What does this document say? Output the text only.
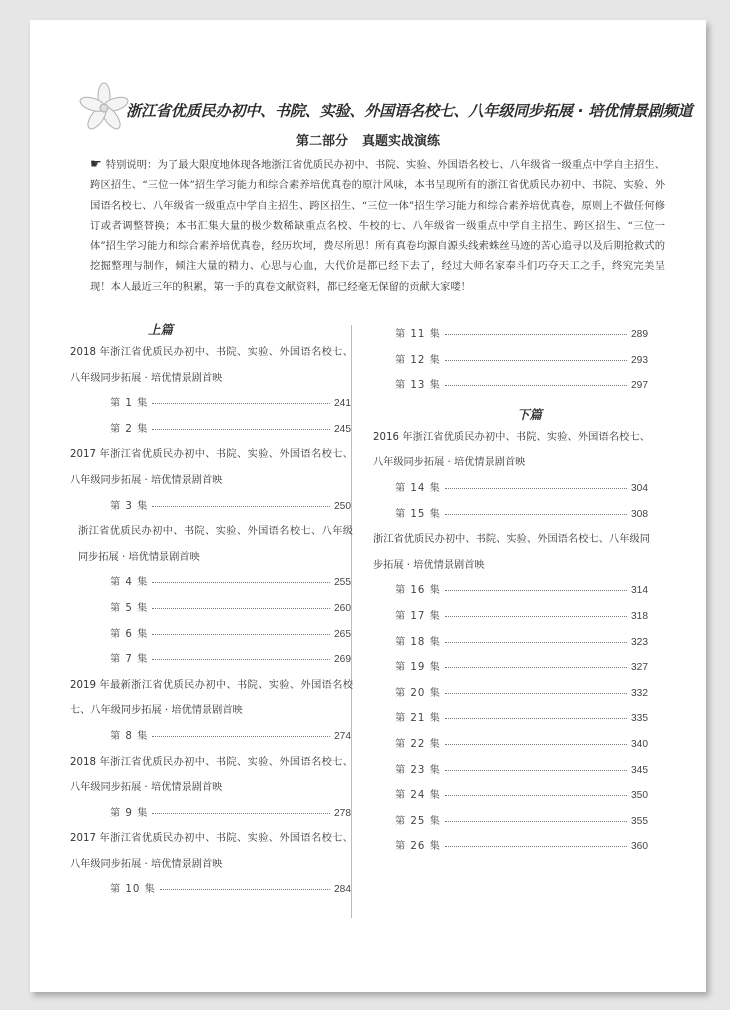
浙江省优质民办初中、书院、实验、外国语名校七、八年级同步拓展 · 培优情景剧频道
第二部分 真题实战演练
☛ 特别说明：为了最大限度地体现各地浙江省优质民办初中、书院、实验、外国语名校七、八年级省一级重点中学自主招生、跨区招生、“三位一体”招生学习能力和综合素养培优真卷的原汁风味，本书呈现所有的浙江省优质民办初中、书院、实验、外国语名校七、八年级省一级重点中学自主招生、跨区招生、“三位一体”招生学习能力和综合素养培优真卷，原则上不做任何修订或者调整替换；本书汇集大量的极少数稀缺重点名校、牛校的七、八年级省一级重点中学自主招生、跨区招生、“三位一体”招生学习能力和综合素养培优真卷，经历坎坷，费尽所思！所有真卷均源自源头线索蛛丝马迹的苦心追寻以及后期抢救式的挖掘整理与制作，倾注大量的精力、心思与心血，大代价是都已经下去了，经过大师名家奉斗们巧夺天工之手，终究完美呈现！本人最近三年的积累，第一手的真卷文献资料，都已经毫无保留的贡献大家喽！
上篇
2018 年浙江省优质民办初中、书院、实验、外国语名校七、八年级同步拓展 · 培优情景剧首映
第 1 集	241
第 2 集	245
2017 年浙江省优质民办初中、书院、实验、外国语名校七、八年级同步拓展 · 培优情景剧首映
第 3 集	250
浙江省优质民办初中、书院、实验、外国语名校七、八年级同步拓展 · 培优情景剧首映
第 4 集	255
第 5 集	260
第 6 集	265
第 7 集	269
2019 年最新浙江省优质民办初中、书院、实验、外国语名校七、八年级同步拓展 · 培优情景剧首映
第 8 集	274
2018 年浙江省优质民办初中、书院、实验、外国语名校七、八年级同步拓展 · 培优情景剧首映
第 9 集	278
2017 年浙江省优质民办初中、书院、实验、外国语名校七、八年级同步拓展 · 培优情景剧首映
第 10 集	284
第 11 集	289
第 12 集	293
第 13 集	297
下篇
2016 年浙江省优质民办初中、书院、实验、外国语名校七、八年级同步拓展 · 培优情景剧首映
第 14 集	304
第 15 集	308
浙江省优质民办初中、书院、实验、外国语名校七、八年级同步拓展 · 培优情景剧首映
第 16 集	314
第 17 集	318
第 18 集	323
第 19 集	327
第 20 集	332
第 21 集	335
第 22 集	340
第 23 集	345
第 24 集	350
第 25 集	355
第 26 集	360
